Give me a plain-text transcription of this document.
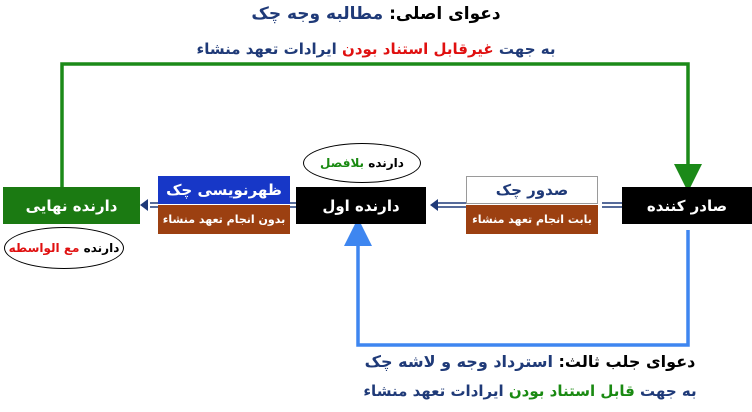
دعوای اصلی: مطالبه وجه چک
به جهت غیرقابل استناد بودن ایرادات تعهد منشاء
صادر کننده
صدور چک
بابت انجام تعهد منشاء
دارنده اول
دارنده بلافصل
ظهرنویسی چک
بدون انجام تعهد منشاء
دارنده نهایی
دارنده مع الواسطه
دعوای جلب ثالث: استرداد وجه و لاشه چک
به جهت قابل استناد بودن ایرادات تعهد منشاء
